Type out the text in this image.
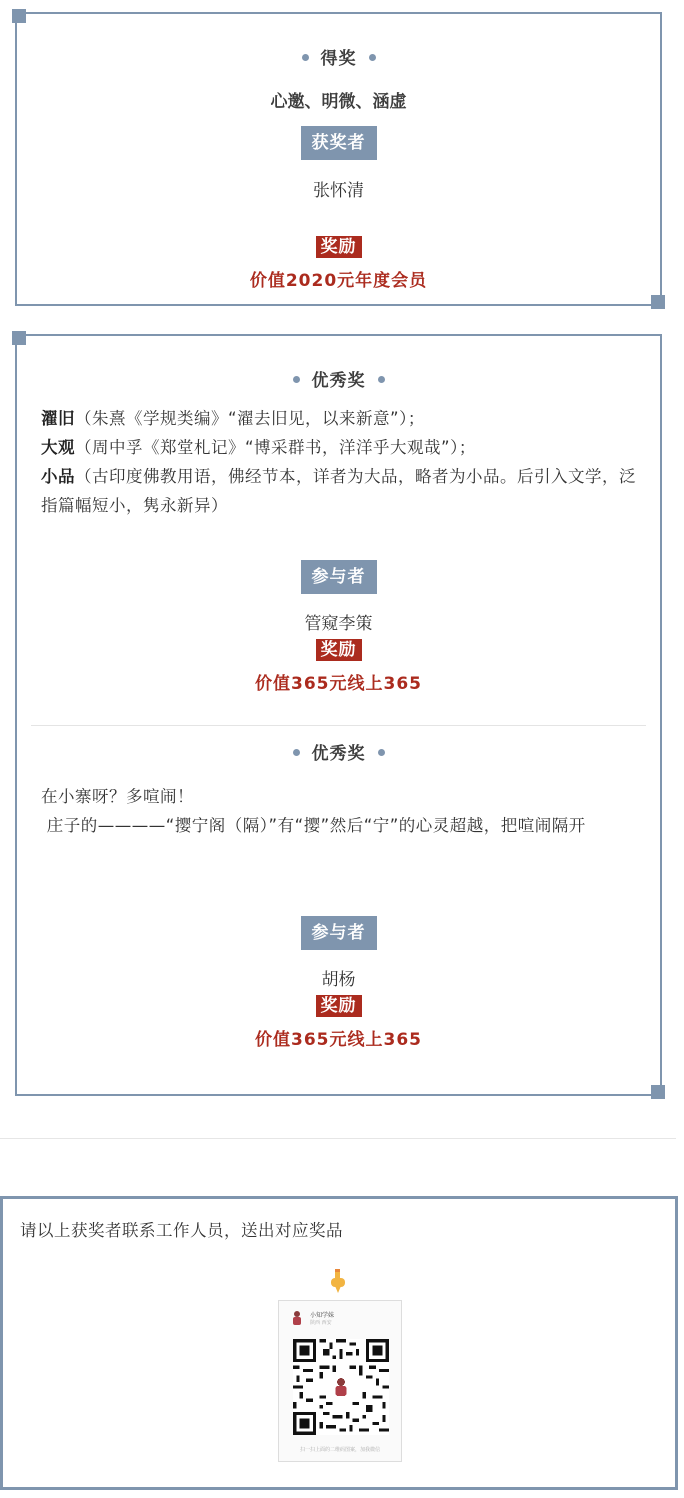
得奖
心邀、明微、涵虚
获奖者
张怀清
奖励
价值2020元年度会员
优秀奖
濯旧（朱熹《学规类编》“濯去旧见，以来新意”）；
大观（周中孚《郑堂札记》“博采群书，洋洋乎大观哉”）；
小品（古印度佛教用语，佛经节本，详者为大品，略者为小品。后引入文学，泛指篇幅短小，隽永新异）
参与者
管窥李策
奖励
价值365元线上365
优秀奖
在小寨呀？多喧闹！
庄子的————“撄宁阁（隔）”有“撄”然后“宁”的心灵超越，把喧闹隔开
参与者
胡杨
奖励
价值365元线上365
请以上获奖者联系工作人员，送出对应奖品
小知学妹
陕西 西安
扫一扫上面的二维码图案，加我微信
